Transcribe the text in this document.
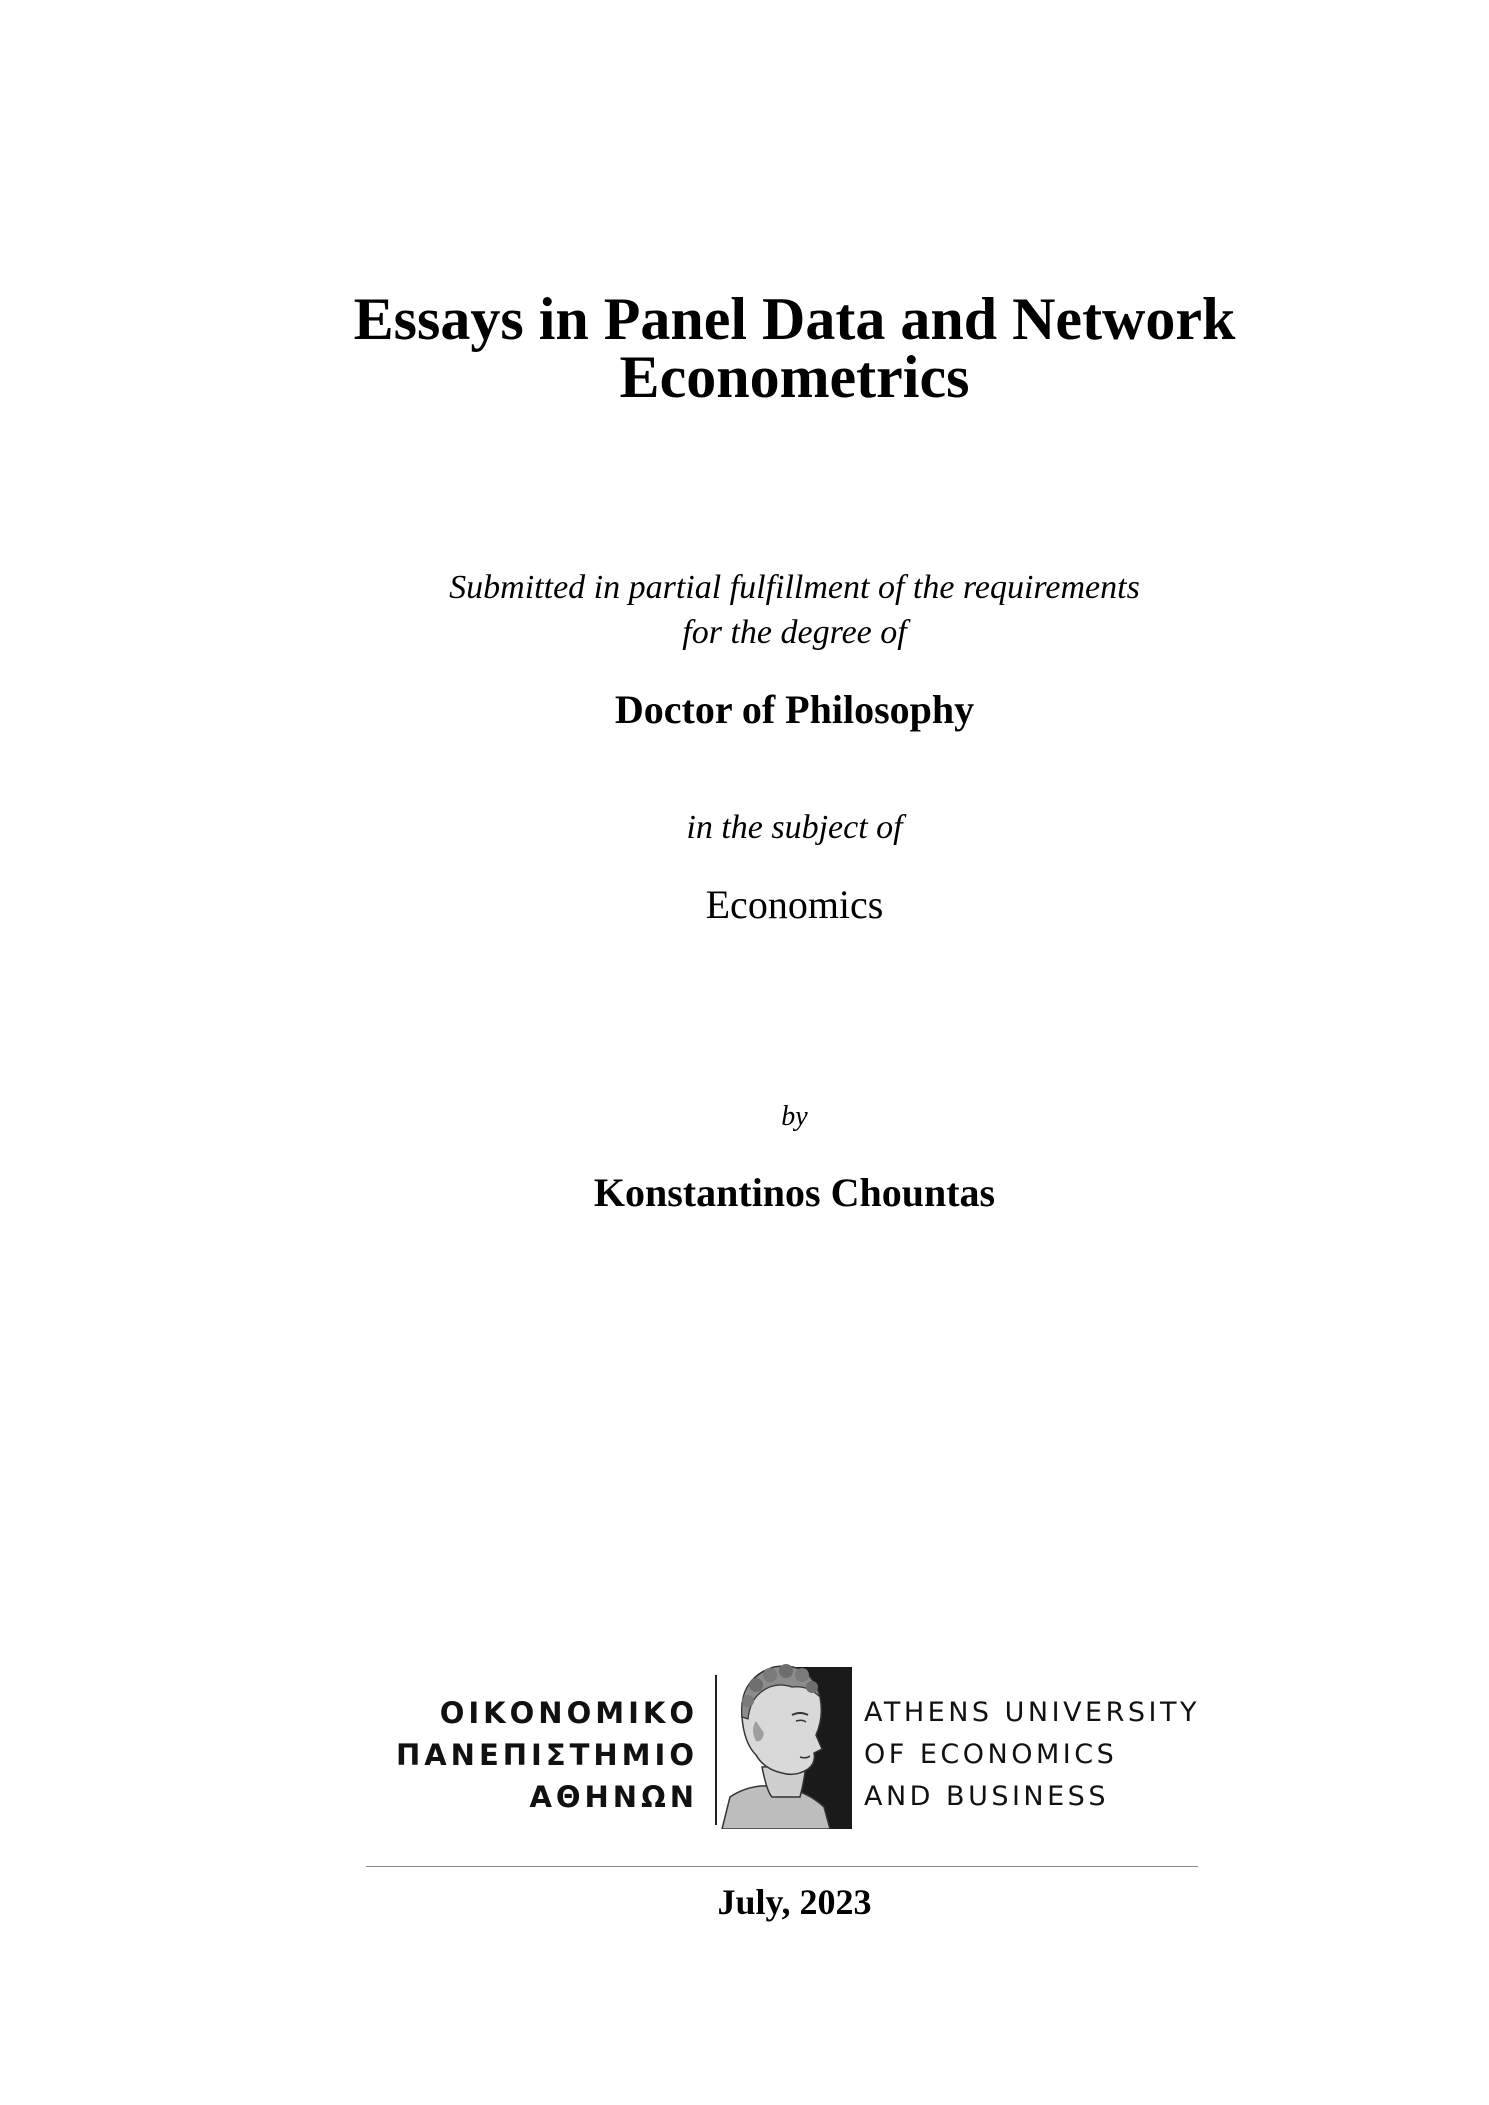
Essays in Panel Data and Network
Econometrics
Submitted in partial fulfillment of the requirements
for the degree of
Doctor of Philosophy
in the subject of
Economics
by
Konstantinos Chountas
ΟΙΚΟΝΟΜΙΚΟ
ΠΑΝΕΠΙΣΤΗΜΙΟ
ΑΘΗΝΩΝ
ATHENS UNIVERSITY
OF ECONOMICS
AND BUSINESS
July, 2023
